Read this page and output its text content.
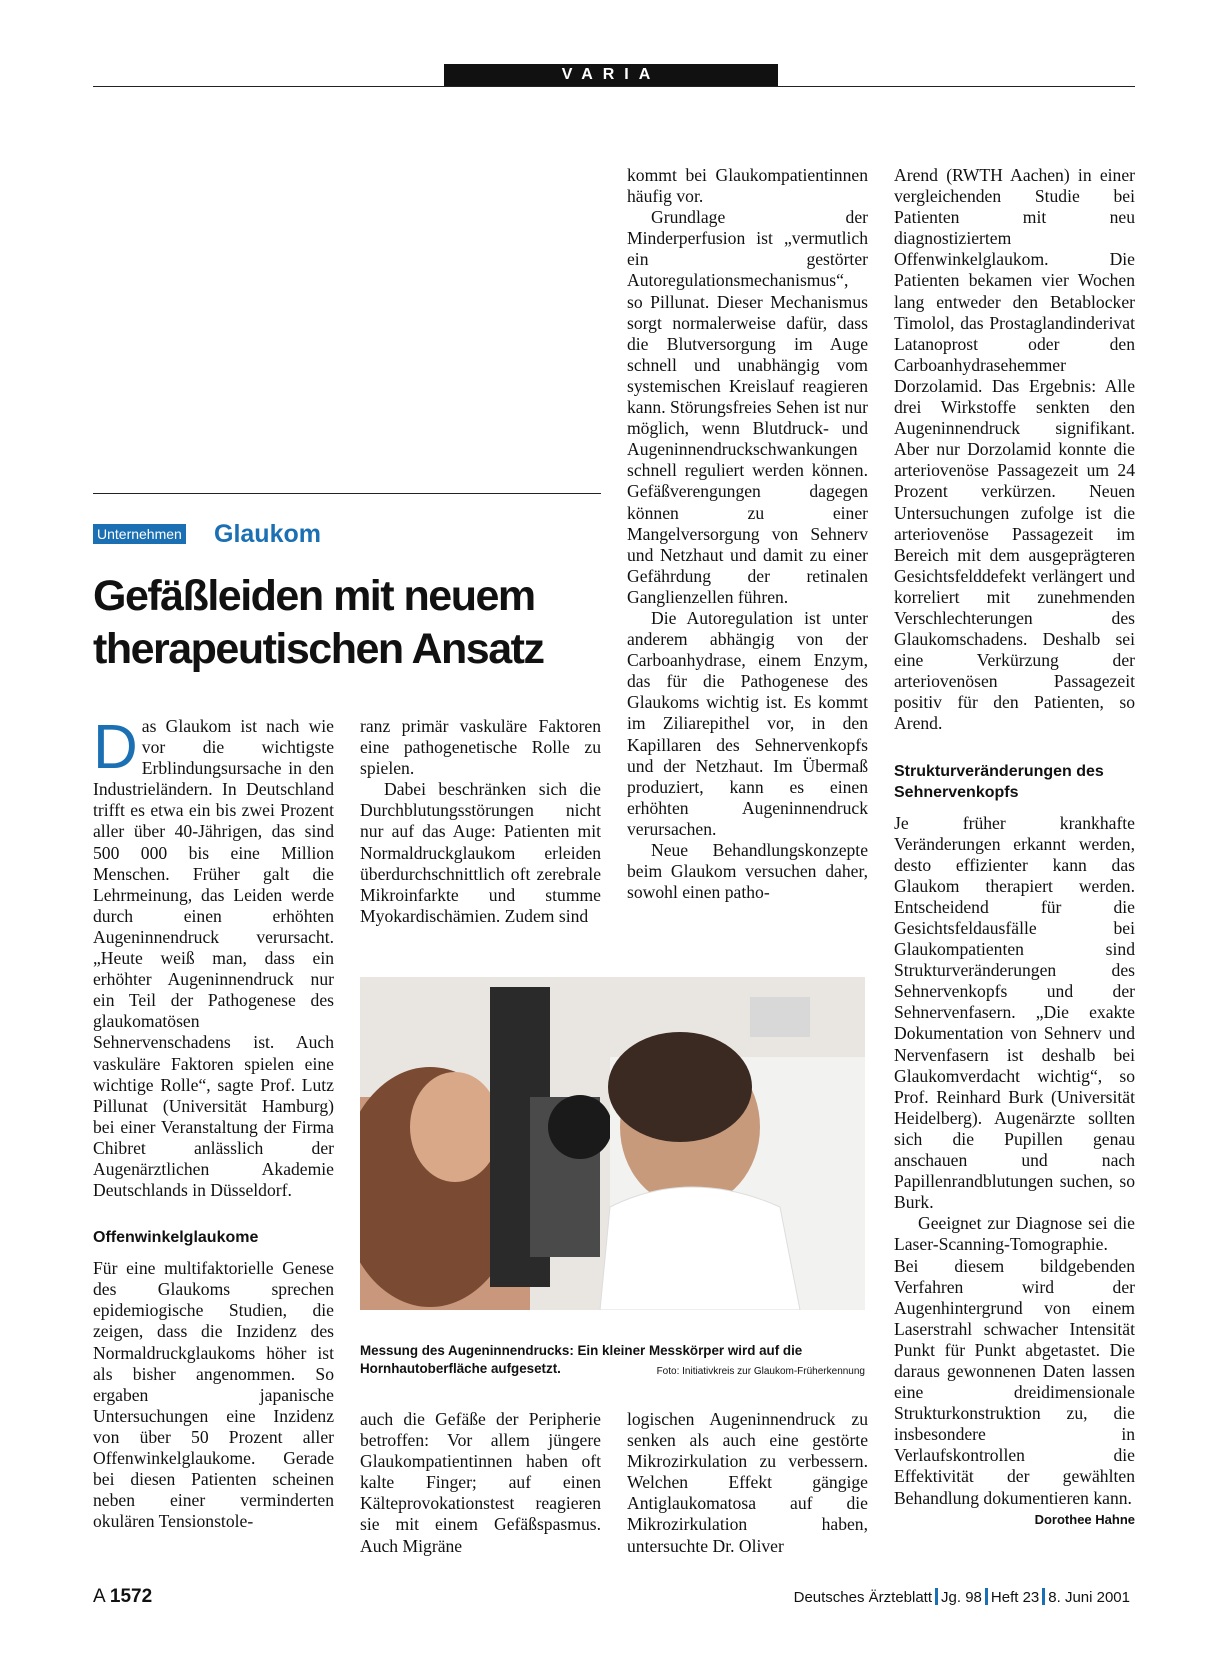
VARIA
Unternehmen Glaukom
Gefäßleiden mit neuem therapeutischen Ansatz

Das Glaukom ist nach wie vor die wichtigste Erblindungsursache in den Industrieländern. In Deutschland trifft es etwa ein bis zwei Prozent aller über 40-Jährigen, das sind 500 000 bis eine Million Menschen. Früher galt die Lehrmeinung, das Leiden werde durch einen erhöhten Augeninnendruck verursacht. „Heute weiß man, dass ein erhöhter Augeninnendruck nur ein Teil der Pathogenese des glaukomatösen Sehnervenschadens ist. Auch vaskuläre Faktoren spielen eine wichtige Rolle“, sagte Prof. Lutz Pillunat (Universität Hamburg) bei einer Veranstaltung der Firma Chibret anlässlich der Augenärztlichen Akademie Deutschlands in Düsseldorf.

Offenwinkelglaukome

Für eine multifaktorielle Genese des Glaukoms sprechen epidemiogische Studien, die zeigen, dass die Inzidenz des Normaldruckglaukoms höher ist als bisher angenommen. So ergaben japanische Untersuchungen eine Inzidenz von über 50 Prozent aller Offenwinkelglaukome. Gerade bei diesen Patienten scheinen neben einer verminderten okulären Tensionstole-

ranz primär vaskuläre Faktoren eine pathogenetische Rolle zu spielen.

Dabei beschränken sich die Durchblutungsstörungen nicht nur auf das Auge: Patienten mit Normaldruckglaukom erleiden überdurchschnittlich oft zerebrale Mikroinfarkte und stumme Myokardischämien. Zudem sind

kommt bei Glaukompatientinnen häufig vor.

Grundlage der Minderperfusion ist „vermutlich ein gestörter Autoregulationsmechanismus“, so Pillunat. Dieser Mechanismus sorgt normalerweise dafür, dass die Blutversorgung im Auge schnell und unabhängig vom systemischen Kreislauf reagieren kann. Störungsfreies Sehen ist nur möglich, wenn Blutdruck- und Augeninnendruckschwankungen schnell reguliert werden können. Gefäßverengungen dagegen können zu einer Mangelversorgung von Sehnerv und Netzhaut und damit zu einer Gefährdung der retinalen Ganglienzellen führen.

Die Autoregulation ist unter anderem abhängig von der Carboanhydrase, einem Enzym, das für die Pathogenese des Glaukoms wichtig ist. Es kommt im Ziliarepithel vor, in den Kapillaren des Sehnervenkopfs und der Netzhaut. Im Übermaß produziert, kann es einen erhöhten Augeninnendruck verursachen.

Neue Behandlungskonzepte beim Glaukom versuchen daher, sowohl einen patho-

Messung des Augeninnendrucks: Ein kleiner Messkörper wird auf die Hornhautoberfläche aufgesetzt.	Foto: Initiativkreis zur Glaukom-Früherkennung

auch die Gefäße der Peripherie betroffen: Vor allem jüngere Glaukompatientinnen haben oft kalte Finger; auf einen Kälteprovokationstest reagieren sie mit einem Gefäßspasmus. Auch Migräne

logischen Augeninnendruck zu senken als auch eine gestörte Mikrozirkulation zu verbessern. Welchen Effekt gängige Antiglaukomatosa auf die Mikrozirkulation haben, untersuchte Dr. Oliver

Arend (RWTH Aachen) in einer vergleichenden Studie bei Patienten mit neu diagnostiziertem Offenwinkelglaukom. Die Patienten bekamen vier Wochen lang entweder den Betablocker Timolol, das Prostaglandinderivat Latanoprost oder den Carboanhydrasehemmer Dorzolamid. Das Ergebnis: Alle drei Wirkstoffe senkten den Augeninnendruck signifikant. Aber nur Dorzolamid konnte die arteriovenöse Passagezeit um 24 Prozent verkürzen. Neuen Untersuchungen zufolge ist die arteriovenöse Passagezeit im Bereich mit dem ausgeprägteren Gesichtsfelddefekt verlängert und korreliert mit zunehmenden Verschlechterungen des Glaukomschadens. Deshalb sei eine Verkürzung der arteriovenösen Passagezeit positiv für den Patienten, so Arend.

Strukturveränderungen des Sehnervenkopfs

Je früher krankhafte Veränderungen erkannt werden, desto effizienter kann das Glaukom therapiert werden. Entscheidend für die Gesichtsfeldausfälle bei Glaukompatienten sind Strukturveränderungen des Sehnervenkopfs und der Sehnervenfasern. „Die exakte Dokumentation von Sehnerv und Nervenfasern ist deshalb bei Glaukomverdacht wichtig“, so Prof. Reinhard Burk (Universität Heidelberg). Augenärzte sollten sich die Pupillen genau anschauen und nach Papillenrandblutungen suchen, so Burk.

Geeignet zur Diagnose sei die Laser-Scanning-Tomographie. Bei diesem bildgebenden Verfahren wird der Augenhintergrund von einem Laserstrahl schwacher Intensität Punkt für Punkt abgetastet. Die daraus gewonnenen Daten lassen eine dreidimensionale Strukturkonstruktion zu, die insbesondere in Verlaufskontrollen die Effektivität der gewählten Behandlung dokumentieren kann.
Dorothee Hahne

A 1572	Deutsches Ärzteblatt Jg. 98 Heft 23 8. Juni 2001
